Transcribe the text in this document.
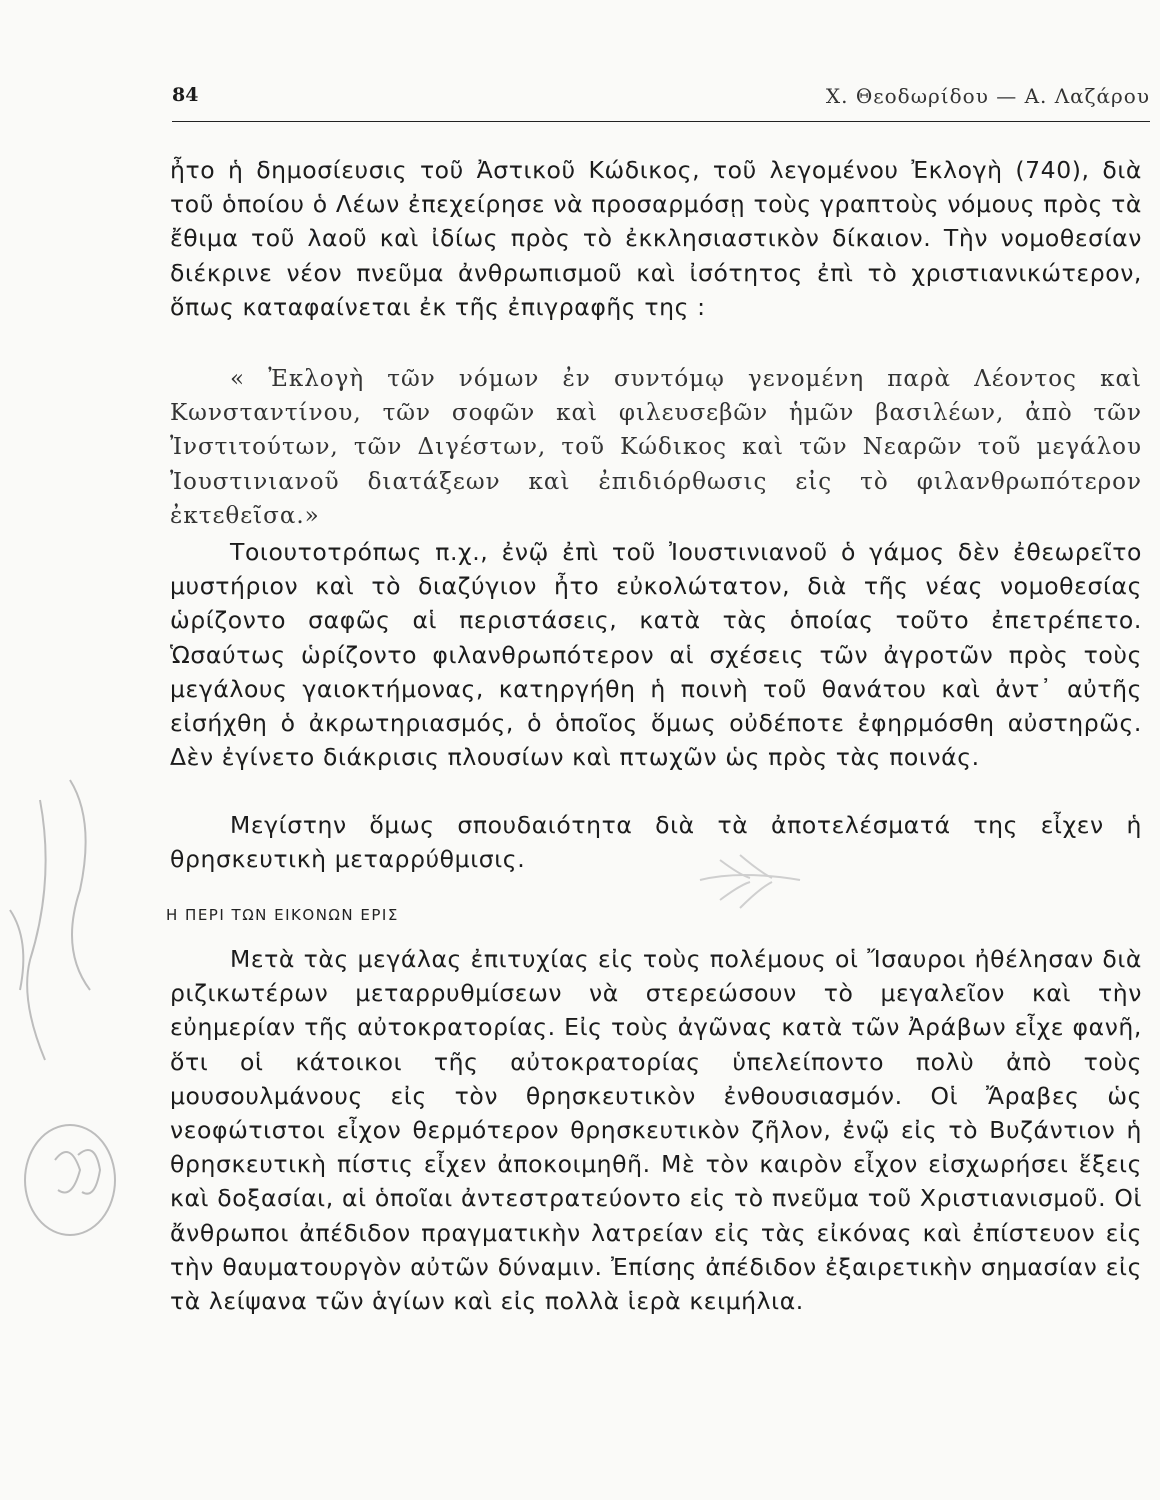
84	Χ. Θεοδωρίδου — Α. Λαζάρου

ἦτο ἡ δημοσίευσις τοῦ Ἀστικοῦ Κώδικος, τοῦ λεγομένου Ἐκλογὴ (740), διὰ τοῦ ὁποίου ὁ Λέων ἐπεχείρησε νὰ προσαρμόσῃ τοὺς γραπτοὺς νόμους πρὸς τὰ ἔθιμα τοῦ λαοῦ καὶ ἰδίως πρὸς τὸ ἐκκλησιαστικὸν δίκαιον. Τὴν νομοθεσίαν διέκρινε νέον πνεῦμα ἀνθρωπισμοῦ καὶ ἰσότητος ἐπὶ τὸ χριστιανικώτερον, ὅπως καταφαίνεται ἐκ τῆς ἐπιγραφῆς της :

« Ἐκλογὴ τῶν νόμων ἐν συντόμῳ γενομένη παρὰ Λέοντος καὶ Κωνσταντίνου, τῶν σοφῶν καὶ φιλευσεβῶν ἡμῶν βασιλέων, ἀπὸ τῶν Ἰνστιτούτων, τῶν Διγέστων, τοῦ Κώδικος καὶ τῶν Νεαρῶν τοῦ μεγάλου Ἰουστινιανοῦ διατάξεων καὶ ἐπιδιόρθωσις εἰς τὸ φιλανθρωπότερον ἐκτεθεῖσα.»

Τοιουτοτρόπως π.χ., ἐνῷ ἐπὶ τοῦ Ἰουστινιανοῦ ὁ γάμος δὲν ἐθεωρεῖτο μυστήριον καὶ τὸ διαζύγιον ἦτο εὐκολώτατον, διὰ τῆς νέας νομοθεσίας ὡρίζοντο σαφῶς αἱ περιστάσεις, κατὰ τὰς ὁποίας τοῦτο ἐπετρέπετο. Ὡσαύτως ὡρίζοντο φιλανθρωπότερον αἱ σχέσεις τῶν ἀγροτῶν πρὸς τοὺς μεγάλους γαιοκτήμονας, κατηργήθη ἡ ποινὴ τοῦ θανάτου καὶ ἀντ᾿ αὐτῆς εἰσήχθη ὁ ἀκρωτηριασμός, ὁ ὁποῖος ὅμως οὐδέποτε ἐφηρμόσθη αὐστηρῶς. Δὲν ἐγίνετο διάκρισις πλουσίων καὶ πτωχῶν ὡς πρὸς τὰς ποινάς.

Μεγίστην ὅμως σπουδαιότητα διὰ τὰ ἀποτελέσματά της εἶχεν ἡ θρησκευτικὴ μεταρρύθμισις.

Η ΠΕΡΙ ΤΩΝ ΕΙΚΟΝΩΝ ΕΡΙΣ

Μετὰ τὰς μεγάλας ἐπιτυχίας εἰς τοὺς πολέμους οἱ Ἴσαυροι ἠθέλησαν διὰ ριζικωτέρων μεταρρυθμίσεων νὰ στερεώσουν τὸ μεγαλεῖον καὶ τὴν εὐημερίαν τῆς αὐτοκρατορίας. Εἰς τοὺς ἀγῶνας κατὰ τῶν Ἀράβων εἶχε φανῆ, ὅτι οἱ κάτοικοι τῆς αὐτοκρατορίας ὑπελείποντο πολὺ ἀπὸ τοὺς μουσουλμάνους εἰς τὸν θρησκευτικὸν ἐνθουσιασμόν. Οἱ Ἄραβες ὡς νεοφώτιστοι εἶχον θερμότερον θρησκευτικὸν ζῆλον, ἐνῷ εἰς τὸ Βυζάντιον ἡ θρησκευτικὴ πίστις εἶχεν ἀποκοιμηθῆ. Μὲ τὸν καιρὸν εἶχον εἰσχωρήσει ἕξεις καὶ δοξασίαι, αἱ ὁποῖαι ἀντεστρατεύοντο εἰς τὸ πνεῦμα τοῦ Χριστιανισμοῦ. Οἱ ἄνθρωποι ἀπέδιδον πραγματικὴν λατρείαν εἰς τὰς εἰκόνας καὶ ἐπίστευον εἰς τὴν θαυματουργὸν αὐτῶν δύναμιν. Ἐπίσης ἀπέδιδον ἐξαιρετικὴν σημασίαν εἰς τὰ λείψανα τῶν ἁγίων καὶ εἰς πολλὰ ἱερὰ κειμήλια.
